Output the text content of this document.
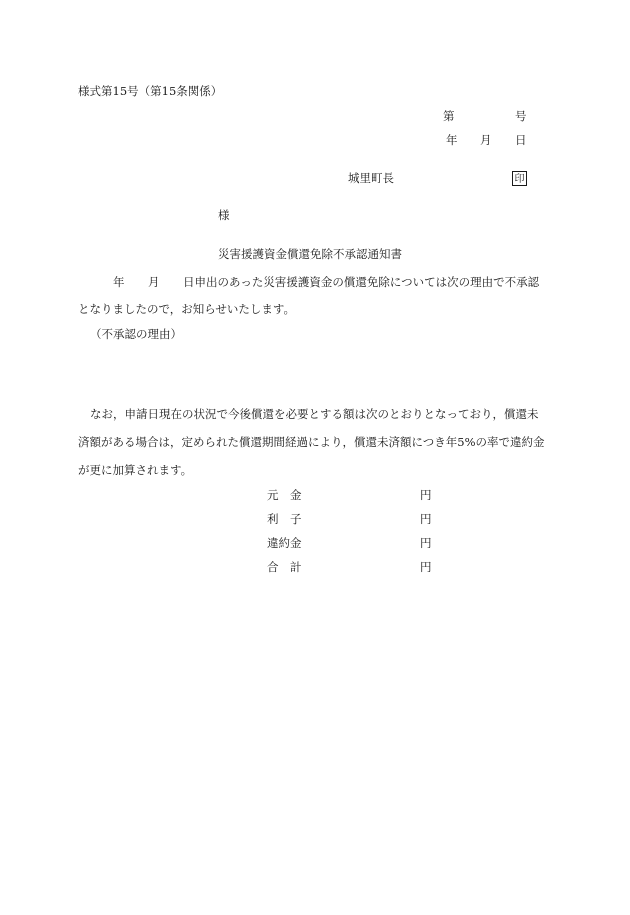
様式第15号（第15条関係）
第	号
年 月 日
城里町長	印
様
災害援護資金償還免除不承認通知書
年 月 日申出のあった災害援護資金の償還免除については次の理由で不承認
となりましたので，お知らせいたします。
（不承認の理由）
なお，申請日現在の状況で今後償還を必要とする額は次のとおりとなっており，償還未
済額がある場合は，定められた償還期間経過により，償還未済額につき年5%の率で違約金
が更に加算されます。
元　金	円
利　子	円
違約金	円
合　計	円
